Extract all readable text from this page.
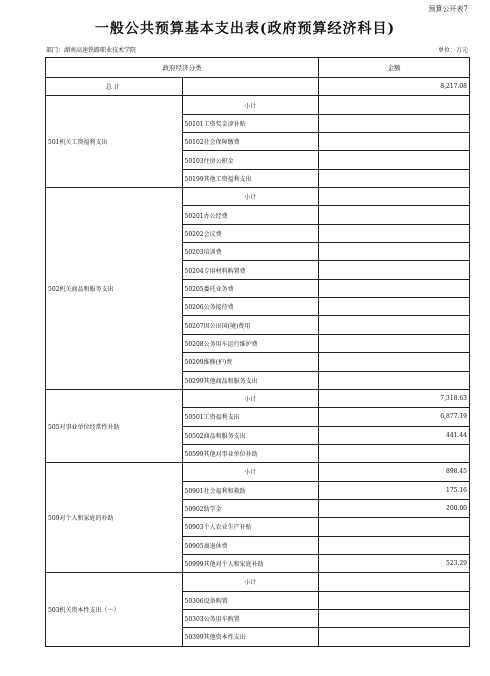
预算公开表7
一般公共预算基本支出表(政府预算经济科目)
部门：湖南高速铁路职业技术学院	单位：万元
政府经济分类		金额
总计		8,217.08
501机关工资福利支出	小计	
	50101工资奖金津补贴	
	50102社会保障缴费	
	50103住房公积金	
	50199其他工资福利支出	
502机关商品和服务支出	小计	
	50201办公经费	
	50202会议费	
	50203培训费	
	50204专用材料购置费	
	50205委托业务费	
	50206公务接待费	
	50207因公出国(境)费用	
	50208公务用车运行维护费	
	50209维修(护)费	
	50299其他商品和服务支出	
505对事业单位经常性补助	小计	7,318.63
	50501工资福利支出	6,877.19
	50502商品和服务支出	441.44
	50599其他对事业单位补助	
509对个人和家庭的补助	小计	898.45
	50901社会福利和救助	175.16
	50902助学金	200.00
	50903个人农业生产补贴	
	50905离退休费	
	50999其他对个人和家庭补助	523.29
503机关资本性支出（一）	小计	
	50306设备购置	
	50303公务用车购置	
	50399其他资本性支出	
